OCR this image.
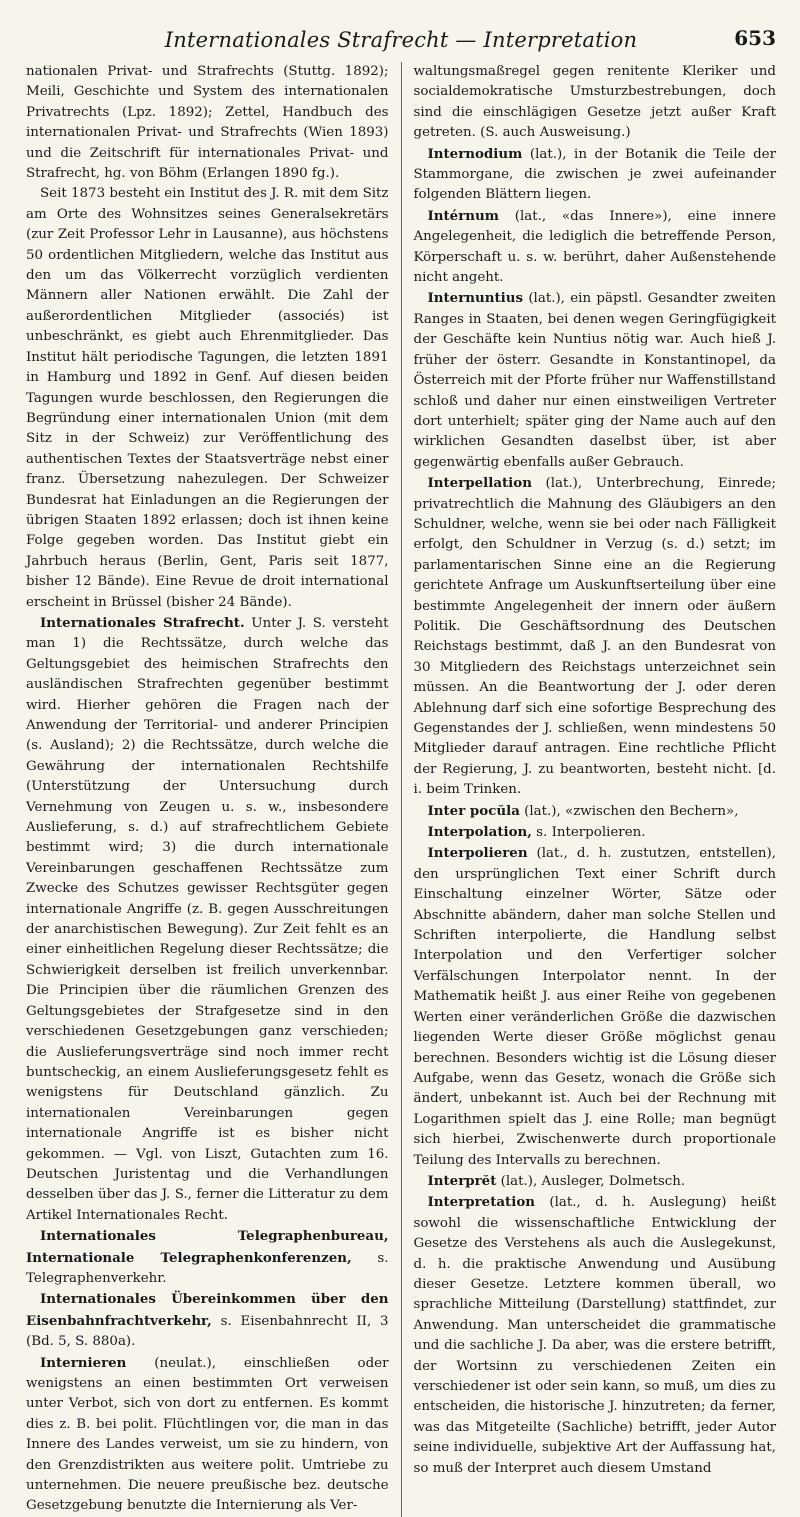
Internationales Strafrecht — Interpretation	653

nationalen Privat- und Strafrechts (Stuttg. 1892); Meili, Geschichte und System des internationalen Privatrechts (Lpz. 1892); Zettel, Handbuch des internationalen Privat- und Strafrechts (Wien 1893) und die Zeitschrift für internationales Privat- und Strafrecht, hg. von Böhm (Erlangen 1890 fg.).

Seit 1873 besteht ein Institut des J. R. mit dem Sitz am Orte des Wohnsitzes seines Generalsekretärs (zur Zeit Professor Lehr in Lausanne), aus höchstens 50 ordentlichen Mitgliedern, welche das Institut aus den um das Völkerrecht vorzüglich verdienten Männern aller Nationen erwählt. Die Zahl der außerordentlichen Mitglieder (associés) ist unbeschränkt, es giebt auch Ehrenmitglieder. Das Institut hält periodische Tagungen, die letzten 1891 in Hamburg und 1892 in Genf. Auf diesen beiden Tagungen wurde beschlossen, den Regierungen die Begründung einer internationalen Union (mit dem Sitz in der Schweiz) zur Veröffentlichung des authentischen Textes der Staatsverträge nebst einer franz. Übersetzung nahezulegen. Der Schweizer Bundesrat hat Einladungen an die Regierungen der übrigen Staaten 1892 erlassen; doch ist ihnen keine Folge gegeben worden. Das Institut giebt ein Jahrbuch heraus (Berlin, Gent, Paris seit 1877, bisher 12 Bände). Eine Revue de droit international erscheint in Brüssel (bisher 24 Bände).

Internationales Strafrecht. Unter J. S. versteht man 1) die Rechtssätze, durch welche das Geltungsgebiet des heimischen Strafrechts den ausländischen Strafrechten gegenüber bestimmt wird. Hierher gehören die Fragen nach der Anwendung der Territorial- und anderer Principien (s. Ausland); 2) die Rechtssätze, durch welche die Gewährung der internationalen Rechtshilfe (Unterstützung der Untersuchung durch Vernehmung von Zeugen u. s. w., insbesondere Auslieferung, s. d.) auf strafrechtlichem Gebiete bestimmt wird; 3) die durch internationale Vereinbarungen geschaffenen Rechtssätze zum Zwecke des Schutzes gewisser Rechtsgüter gegen internationale Angriffe (z. B. gegen Ausschreitungen der anarchistischen Bewegung). Zur Zeit fehlt es an einer einheitlichen Regelung dieser Rechtssätze; die Schwierigkeit derselben ist freilich unverkennbar. Die Principien über die räumlichen Grenzen des Geltungsgebietes der Strafgesetze sind in den verschiedenen Gesetzgebungen ganz verschieden; die Auslieferungsverträge sind noch immer recht buntscheckig, an einem Auslieferungsgesetz fehlt es wenigstens für Deutschland gänzlich. Zu internationalen Vereinbarungen gegen internationale Angriffe ist es bisher nicht gekommen. — Vgl. von Liszt, Gutachten zum 16. Deutschen Juristentag und die Verhandlungen desselben über das J. S., ferner die Litteratur zu dem Artikel Internationales Recht.

Internationales Telegraphenbureau, Internationale Telegraphenkonferenzen, s. Telegraphenverkehr.

Internationales Übereinkommen über den Eisenbahnfrachtverkehr, s. Eisenbahnrecht II, 3 (Bd. 5, S. 880a).

Internieren (neulat.), einschließen oder wenigstens an einen bestimmten Ort verweisen unter Verbot, sich von dort zu entfernen. Es kommt dies z. B. bei polit. Flüchtlingen vor, die man in das Innere des Landes verweist, um sie zu hindern, von den Grenzdistrikten aus weitere polit. Umtriebe zu unternehmen. Die neuere preußische bez. deutsche Gesetzgebung benutzte die Internierung als Ver-

waltungsmaßregel gegen renitente Kleriker und socialdemokratische Umsturzbestrebungen, doch sind die einschlägigen Gesetze jetzt außer Kraft getreten. (S. auch Ausweisung.)

Internodium (lat.), in der Botanik die Teile der Stammorgane, die zwischen je zwei aufeinander folgenden Blättern liegen.

Intérnum (lat., «das Innere»), eine innere Angelegenheit, die lediglich die betreffende Person, Körperschaft u. s. w. berührt, daher Außenstehende nicht angeht.

Internuntius (lat.), ein päpstl. Gesandter zweiten Ranges in Staaten, bei denen wegen Geringfügigkeit der Geschäfte kein Nuntius nötig war. Auch hieß J. früher der österr. Gesandte in Konstantinopel, da Österreich mit der Pforte früher nur Waffenstillstand schloß und daher nur einen einstweiligen Vertreter dort unterhielt; später ging der Name auch auf den wirklichen Gesandten daselbst über, ist aber gegenwärtig ebenfalls außer Gebrauch.

Interpellation (lat.), Unterbrechung, Einrede; privatrechtlich die Mahnung des Gläubigers an den Schuldner, welche, wenn sie bei oder nach Fälligkeit erfolgt, den Schuldner in Verzug (s. d.) setzt; im parlamentarischen Sinne eine an die Regierung gerichtete Anfrage um Auskunftserteilung über eine bestimmte Angelegenheit der innern oder äußern Politik. Die Geschäftsordnung des Deutschen Reichstags bestimmt, daß J. an den Bundesrat von 30 Mitgliedern des Reichstags unterzeichnet sein müssen. An die Beantwortung der J. oder deren Ablehnung darf sich eine sofortige Besprechung des Gegenstandes der J. schließen, wenn mindestens 50 Mitglieder darauf antragen. Eine rechtliche Pflicht der Regierung, J. zu beantworten, besteht nicht. [d. i. beim Trinken.

Inter pocŭla (lat.), «zwischen den Bechern»,

Interpolation, s. Interpolieren.

Interpolieren (lat., d. h. zustutzen, entstellen), den ursprünglichen Text einer Schrift durch Einschaltung einzelner Wörter, Sätze oder Abschnitte abändern, daher man solche Stellen und Schriften interpolierte, die Handlung selbst Interpolation und den Verfertiger solcher Verfälschungen Interpolator nennt. In der Mathematik heißt J. aus einer Reihe von gegebenen Werten einer veränderlichen Größe die dazwischen liegenden Werte dieser Größe möglichst genau berechnen. Besonders wichtig ist die Lösung dieser Aufgabe, wenn das Gesetz, wonach die Größe sich ändert, unbekannt ist. Auch bei der Rechnung mit Logarithmen spielt das J. eine Rolle; man begnügt sich hierbei, Zwischenwerte durch proportionale Teilung des Intervalls zu berechnen.

Interprĕt (lat.), Ausleger, Dolmetsch.

Interpretation (lat., d. h. Auslegung) heißt sowohl die wissenschaftliche Entwicklung der Gesetze des Verstehens als auch die Auslegekunst, d. h. die praktische Anwendung und Ausübung dieser Gesetze. Letztere kommen überall, wo sprachliche Mitteilung (Darstellung) stattfindet, zur Anwendung. Man unterscheidet die grammatische und die sachliche J. Da aber, was die erstere betrifft, der Wortsinn zu verschiedenen Zeiten ein verschiedener ist oder sein kann, so muß, um dies zu entscheiden, die historische J. hinzutreten; da ferner, was das Mitgeteilte (Sachliche) betrifft, jeder Autor seine individuelle, subjektive Art der Auffassung hat, so muß der Interpret auch diesem Umstand
